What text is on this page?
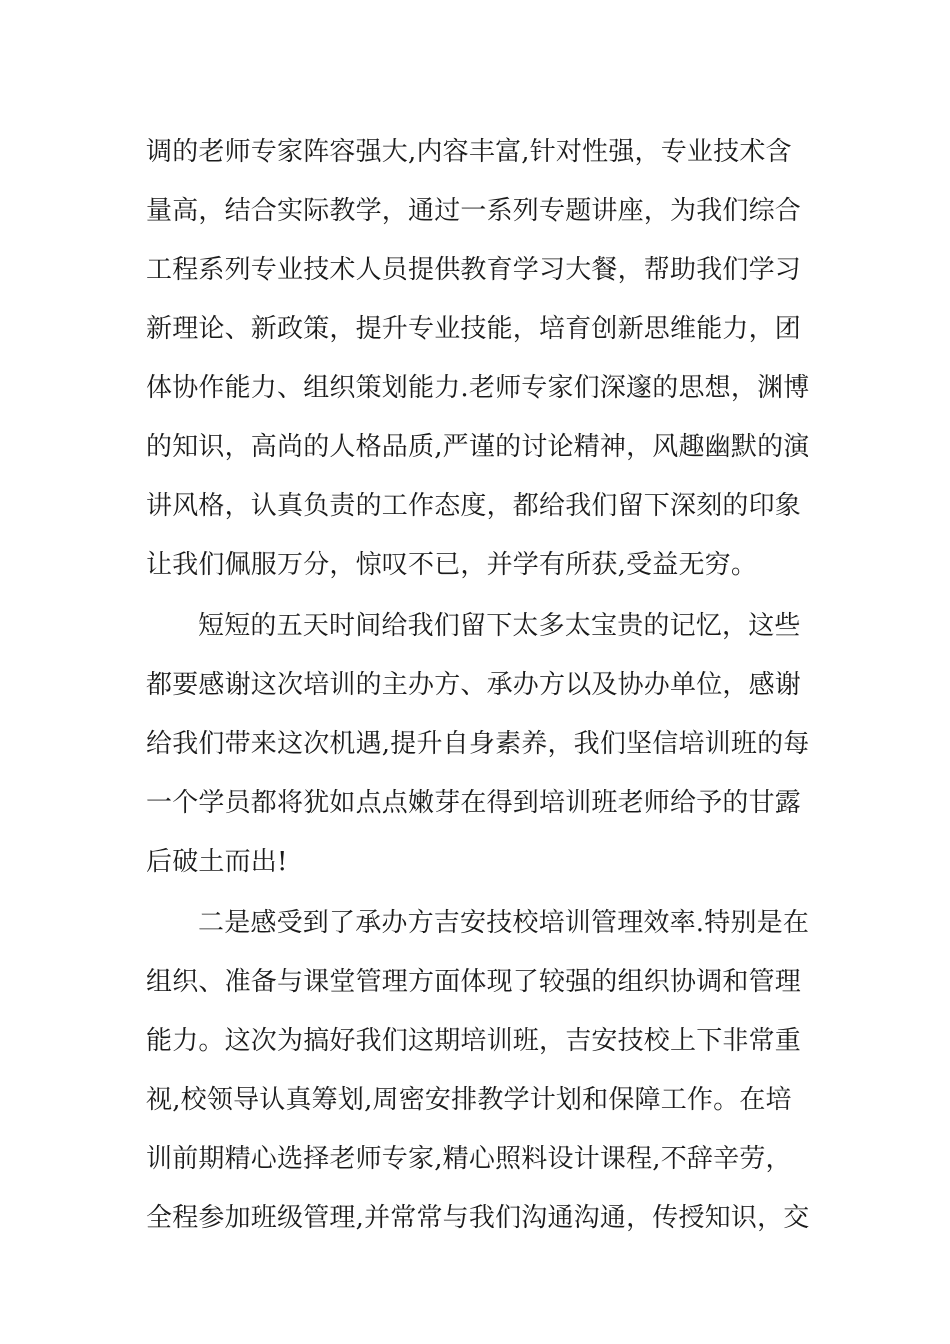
调的老师专家阵容强大,内容丰富,针对性强，专业技术含
量高，结合实际教学，通过一系列专题讲座，为我们综合
工程系列专业技术人员提供教育学习大餐，帮助我们学习
新理论、新政策，提升专业技能，培育创新思维能力，团
体协作能力、组织策划能力.老师专家们深邃的思想，渊博
的知识，高尚的人格品质,严谨的讨论精神，风趣幽默的演
讲风格，认真负责的工作态度，都给我们留下深刻的印象
让我们佩服万分，惊叹不已，并学有所获,受益无穷。
短短的五天时间给我们留下太多太宝贵的记忆，这些
都要感谢这次培训的主办方、承办方以及协办单位，感谢
给我们带来这次机遇,提升自身素养，我们坚信培训班的每
一个学员都将犹如点点嫩芽在得到培训班老师给予的甘露
后破土而出!
二是感受到了承办方吉安技校培训管理效率.特别是在
组织、准备与课堂管理方面体现了较强的组织协调和管理
能力。这次为搞好我们这期培训班，吉安技校上下非常重
视,校领导认真筹划,周密安排教学计划和保障工作。在培
训前期精心选择老师专家,精心照料设计课程,不辞辛劳，
全程参加班级管理,并常常与我们沟通沟通，传授知识，交
